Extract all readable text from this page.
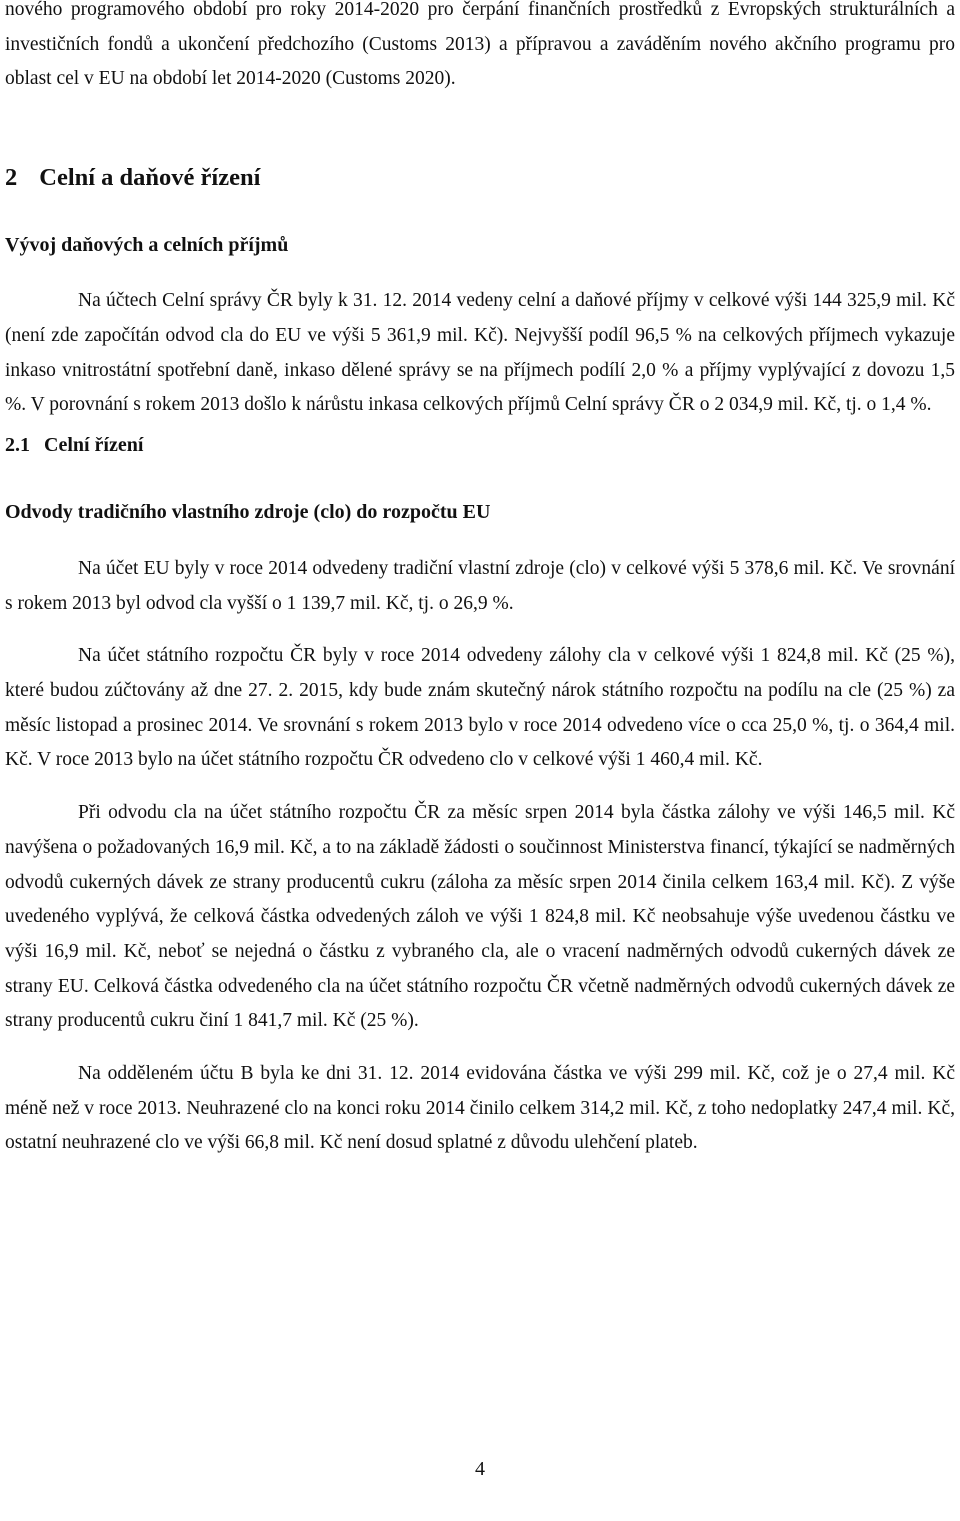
nového programového období pro roky 2014-2020 pro čerpání finančních prostředků z Evropských strukturálních a investičních fondů a ukončení předchozího (Customs 2013) a přípravou a zaváděním nového akčního programu pro oblast cel v EU na období let 2014-2020 (Customs 2020).

2 Celní a daňové řízení
Vývoj daňových a celních příjmů

Na účtech Celní správy ČR byly k 31. 12. 2014 vedeny celní a daňové příjmy v celkové výši 144 325,9 mil. Kč (není zde započítán odvod cla do EU ve výši 5 361,9 mil. Kč). Nejvyšší podíl 96,5 % na celkových příjmech vykazuje inkaso vnitrostátní spotřební daně, inkaso dělené správy se na příjmech podílí 2,0 % a příjmy vyplývající z dovozu 1,5 %. V porovnání s rokem 2013 došlo k nárůstu inkasa celkových příjmů Celní správy ČR o 2 034,9 mil. Kč, tj. o 1,4 %.

2.1 Celní řízení
Odvody tradičního vlastního zdroje (clo) do rozpočtu EU

Na účet EU byly v roce 2014 odvedeny tradiční vlastní zdroje (clo) v celkové výši 5 378,6 mil. Kč. Ve srovnání s rokem 2013 byl odvod cla vyšší o 1 139,7 mil. Kč, tj. o 26,9 %.

Na účet státního rozpočtu ČR byly v roce 2014 odvedeny zálohy cla v celkové výši 1 824,8 mil. Kč (25 %), které budou zúčtovány až dne 27. 2. 2015, kdy bude znám skutečný nárok státního rozpočtu na podílu na cle (25 %) za měsíc listopad a prosinec 2014. Ve srovnání s rokem 2013 bylo v roce 2014 odvedeno více o cca 25,0 %, tj. o 364,4 mil. Kč. V roce 2013 bylo na účet státního rozpočtu ČR odvedeno clo v celkové výši 1 460,4 mil. Kč.

Při odvodu cla na účet státního rozpočtu ČR za měsíc srpen 2014 byla částka zálohy ve výši 146,5 mil. Kč navýšena o požadovaných 16,9 mil. Kč, a to na základě žádosti o součinnost Ministerstva financí, týkající se nadměrných odvodů cukerných dávek ze strany producentů cukru (záloha za měsíc srpen 2014 činila celkem 163,4 mil. Kč). Z výše uvedeného vyplývá, že celková částka odvedených záloh ve výši 1 824,8 mil. Kč neobsahuje výše uvedenou částku ve výši 16,9 mil. Kč, neboť se nejedná o částku z vybraného cla, ale o vracení nadměrných odvodů cukerných dávek ze strany EU. Celková částka odvedeného cla na účet státního rozpočtu ČR včetně nadměrných odvodů cukerných dávek ze strany producentů cukru činí 1 841,7 mil. Kč (25 %).

Na odděleném účtu B byla ke dni 31. 12. 2014 evidována částka ve výši 299 mil. Kč, což je o 27,4 mil. Kč méně než v roce 2013. Neuhrazené clo na konci roku 2014 činilo celkem 314,2 mil. Kč, z toho nedoplatky 247,4 mil. Kč, ostatní neuhrazené clo ve výši 66,8 mil. Kč není dosud splatné z důvodu ulehčení plateb.

4
